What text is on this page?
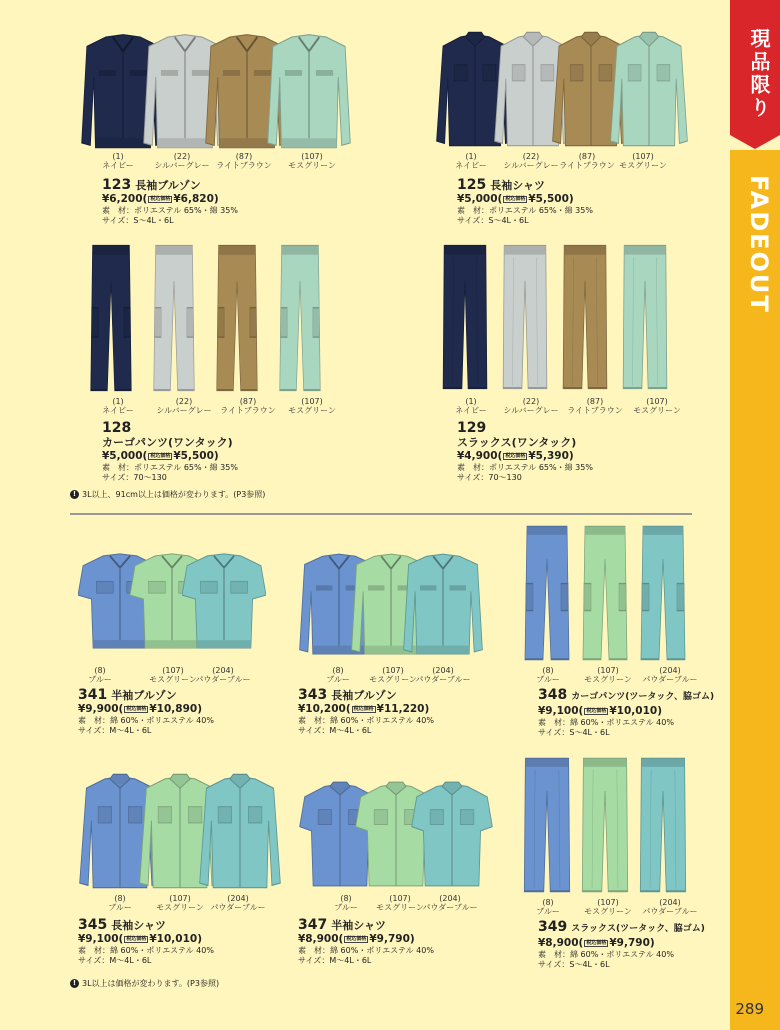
現品限り
FADEOUT
(1)
ネイビー
(22)
シルバーグレー
(87)
ライトブラウン
(107)
モスグリーン
123 長袖ブルゾン
¥6,200( 税込価格 ¥6,820)
素　材：ポリエステル 65%・綿 35%
サイズ：S〜4L・6L
(1)
ネイビー
(22)
シルバーグレー
(87)
ライトブラウン
(107)
モスグリーン
125 長袖シャツ
¥5,000( 税込価格 ¥5,500)
素　材：ポリエステル 65%・綿 35%
サイズ：S〜4L・6L
(1)
ネイビー
(22)
シルバーグレー
(87)
ライトブラウン
(107)
モスグリーン
128
カーゴパンツ(ワンタック)
¥5,000( 税込価格 ¥5,500)
素　材：ポリエステル 65%・綿 35%
サイズ：70〜130
(1)
ネイビー
(22)
シルバーグレー
(87)
ライトブラウン
(107)
モスグリーン
129
スラックス(ワンタック)
¥4,900( 税込価格 ¥5,390)
素　材：ポリエステル 65%・綿 35%
サイズ：70〜130
! 3L以上、91cm以上は価格が変わります。(P3参照)
(8)
ブルー
(107)
モスグリーン
(204)
パウダーブルー
341 半袖ブルゾン
¥9,900( 税込価格 ¥10,890)
素　材：綿 60%・ポリエステル 40%
サイズ：M〜4L・6L
(8)
ブルー
(107)
モスグリーン
(204)
パウダーブルー
343 長袖ブルゾン
¥10,200( 税込価格 ¥11,220)
素　材：綿 60%・ポリエステル 40%
サイズ：M〜4L・6L
(8)
ブルー
(107)
モスグリーン
(204)
パウダーブルー
348 カーゴパンツ(ツータック、脇ゴム)
¥9,100( 税込価格 ¥10,010)
素　材：綿 60%・ポリエステル 40%
サイズ：S〜4L・6L
(8)
ブルー
(107)
モスグリーン
(204)
パウダーブルー
345 長袖シャツ
¥9,100( 税込価格 ¥10,010)
素　材：綿 60%・ポリエステル 40%
サイズ：M〜4L・6L
(8)
ブルー
(107)
モスグリーン
(204)
パウダーブルー
347 半袖シャツ
¥8,900( 税込価格 ¥9,790)
素　材：綿 60%・ポリエステル 40%
サイズ：M〜4L・6L
(8)
ブルー
(107)
モスグリーン
(204)
パウダーブルー
349 スラックス(ツータック、脇ゴム)
¥8,900( 税込価格 ¥9,790)
素　材：綿 60%・ポリエステル 40%
サイズ：S〜4L・6L
! 3L以上は価格が変わります。(P3参照)
289
